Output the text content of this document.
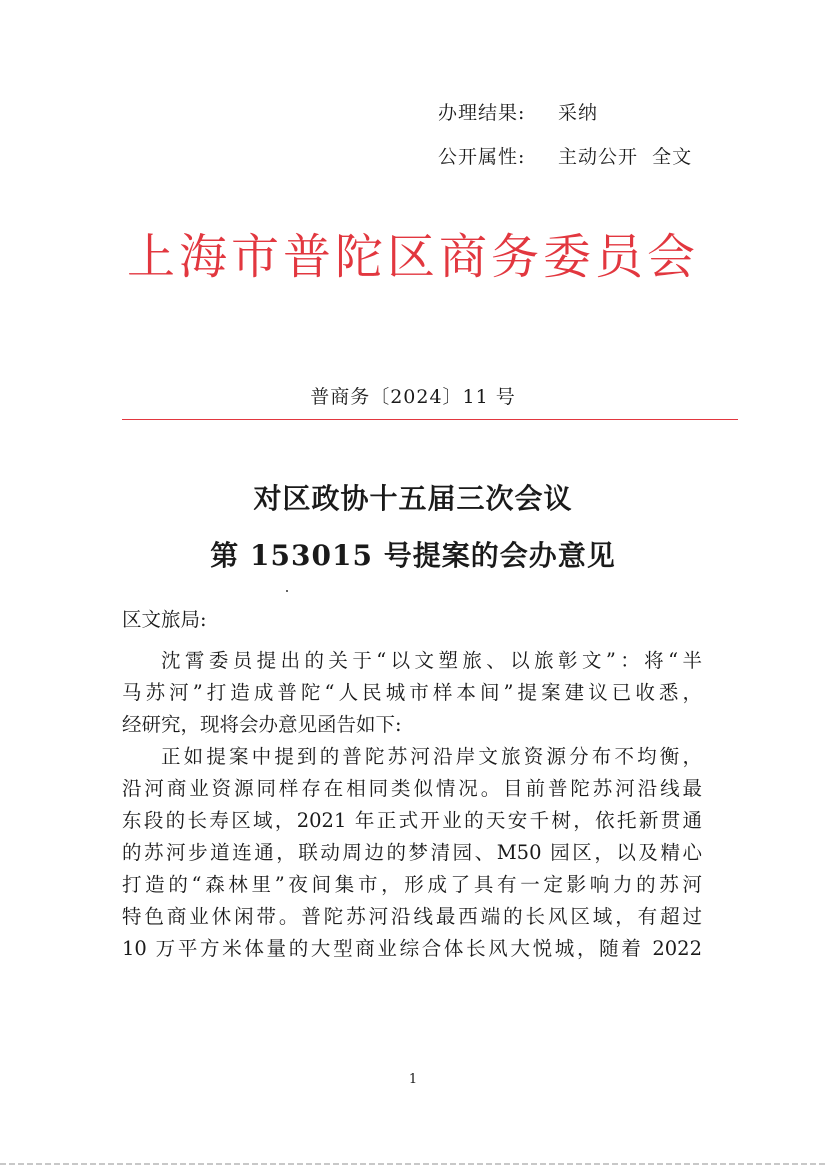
办理结果: 采纳
公开属性: 主动公开  全文
上海市普陀区商务委员会
普商务〔2024〕11 号
对区政协十五届三次会议
第 153015 号提案的会办意见
区文旅局:
沈霄委员提出的关于“以文塑旅、以旅彰文”：将“半
马苏河”打造成普陀“人民城市样本间”提案建议已收悉，
经研究，现将会办意见函告如下:
正如提案中提到的普陀苏河沿岸文旅资源分布不均衡，
沿河商业资源同样存在相同类似情况。目前普陀苏河沿线最
东段的长寿区域，2021 年正式开业的天安千树，依托新贯通
的苏河步道连通，联动周边的梦清园、M50 园区，以及精心
打造的“森林里”夜间集市，形成了具有一定影响力的苏河
特色商业休闲带。普陀苏河沿线最西端的长风区域，有超过
10 万平方米体量的大型商业综合体长风大悦城，随着 2022
1
